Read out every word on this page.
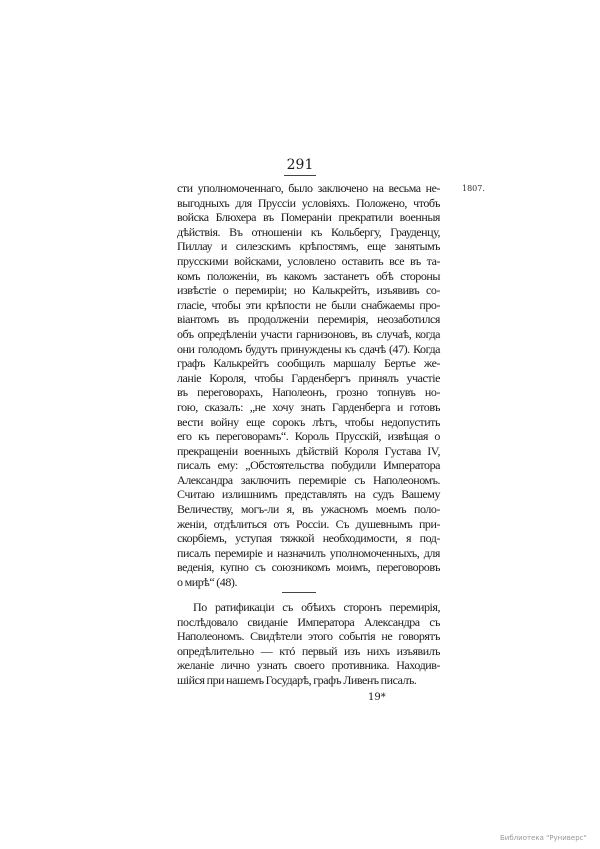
291
1807.
сти уполномоченнаго, было заключено на весьма не-
выгодныхъ для Пруссіи условіяхъ. Положено, чтобъ
войска Блюхера въ Помераніи прекратили военныя
дѣйствія. Въ отношеніи къ Кольбергу, Грауденцу,
Пиллау и силезскимъ крѣпостямъ, еще занятымъ
прусскими войсками, условлено оставить все въ та-
комъ положеніи, въ какомъ застанетъ обѣ стороны
извѣстіе о перемиріи; но Калькрейтъ, изъявивъ со-
гласіе, чтобы эти крѣпости не были снабжаемы про-
віантомъ въ продолженіи перемирія, неозаботился
объ опредѣленіи участи гарнизоновъ, въ случаѣ, когда
они голодомъ будутъ принуждены къ сдачѣ (47). Когда
графъ Калькрейтъ сообщилъ маршалу Бертье же-
ланіе Короля, чтобы Гарденбергъ принялъ участіе
въ переговорахъ, Наполеонъ, грозно топнувъ но-
гою, сказалъ: „не хочу знать Гарденберга и готовъ
вести войну еще сорокъ лѣтъ, чтобы недопустить
его къ переговорамъ“. Король Прусскій, извѣщая о
прекращеніи военныхъ дѣйствій Короля Густава IV,
писалъ ему: „Обстоятельства побудили Императора
Александра заключить перемиріе съ Наполеономъ.
Считаю излишнимъ представлять на судъ Вашему
Величеству, могъ-ли я, въ ужасномъ моемъ поло-
женіи, отдѣлиться отъ Россіи. Съ душевнымъ при-
скорбіемъ, уступая тяжкой необходимости, я под-
писалъ перемиріе и назначилъ уполномоченныхъ, для
веденія, купно съ союзникомъ моимъ, переговоровъ
о мирѣ“ (48).
По ратификаціи съ обѣихъ сторонъ перемирія,
послѣдовало свиданіе Императора Александра съ
Наполеономъ. Свидѣтели этого событія не говорятъ
опредѣлительно — ктó первый изъ нихъ изъявилъ
желаніе лично узнать своего противника. Находив-
шійся при нашемъ Государѣ, графъ Ливенъ писалъ.
19*
Библиотека "Руниверс"
